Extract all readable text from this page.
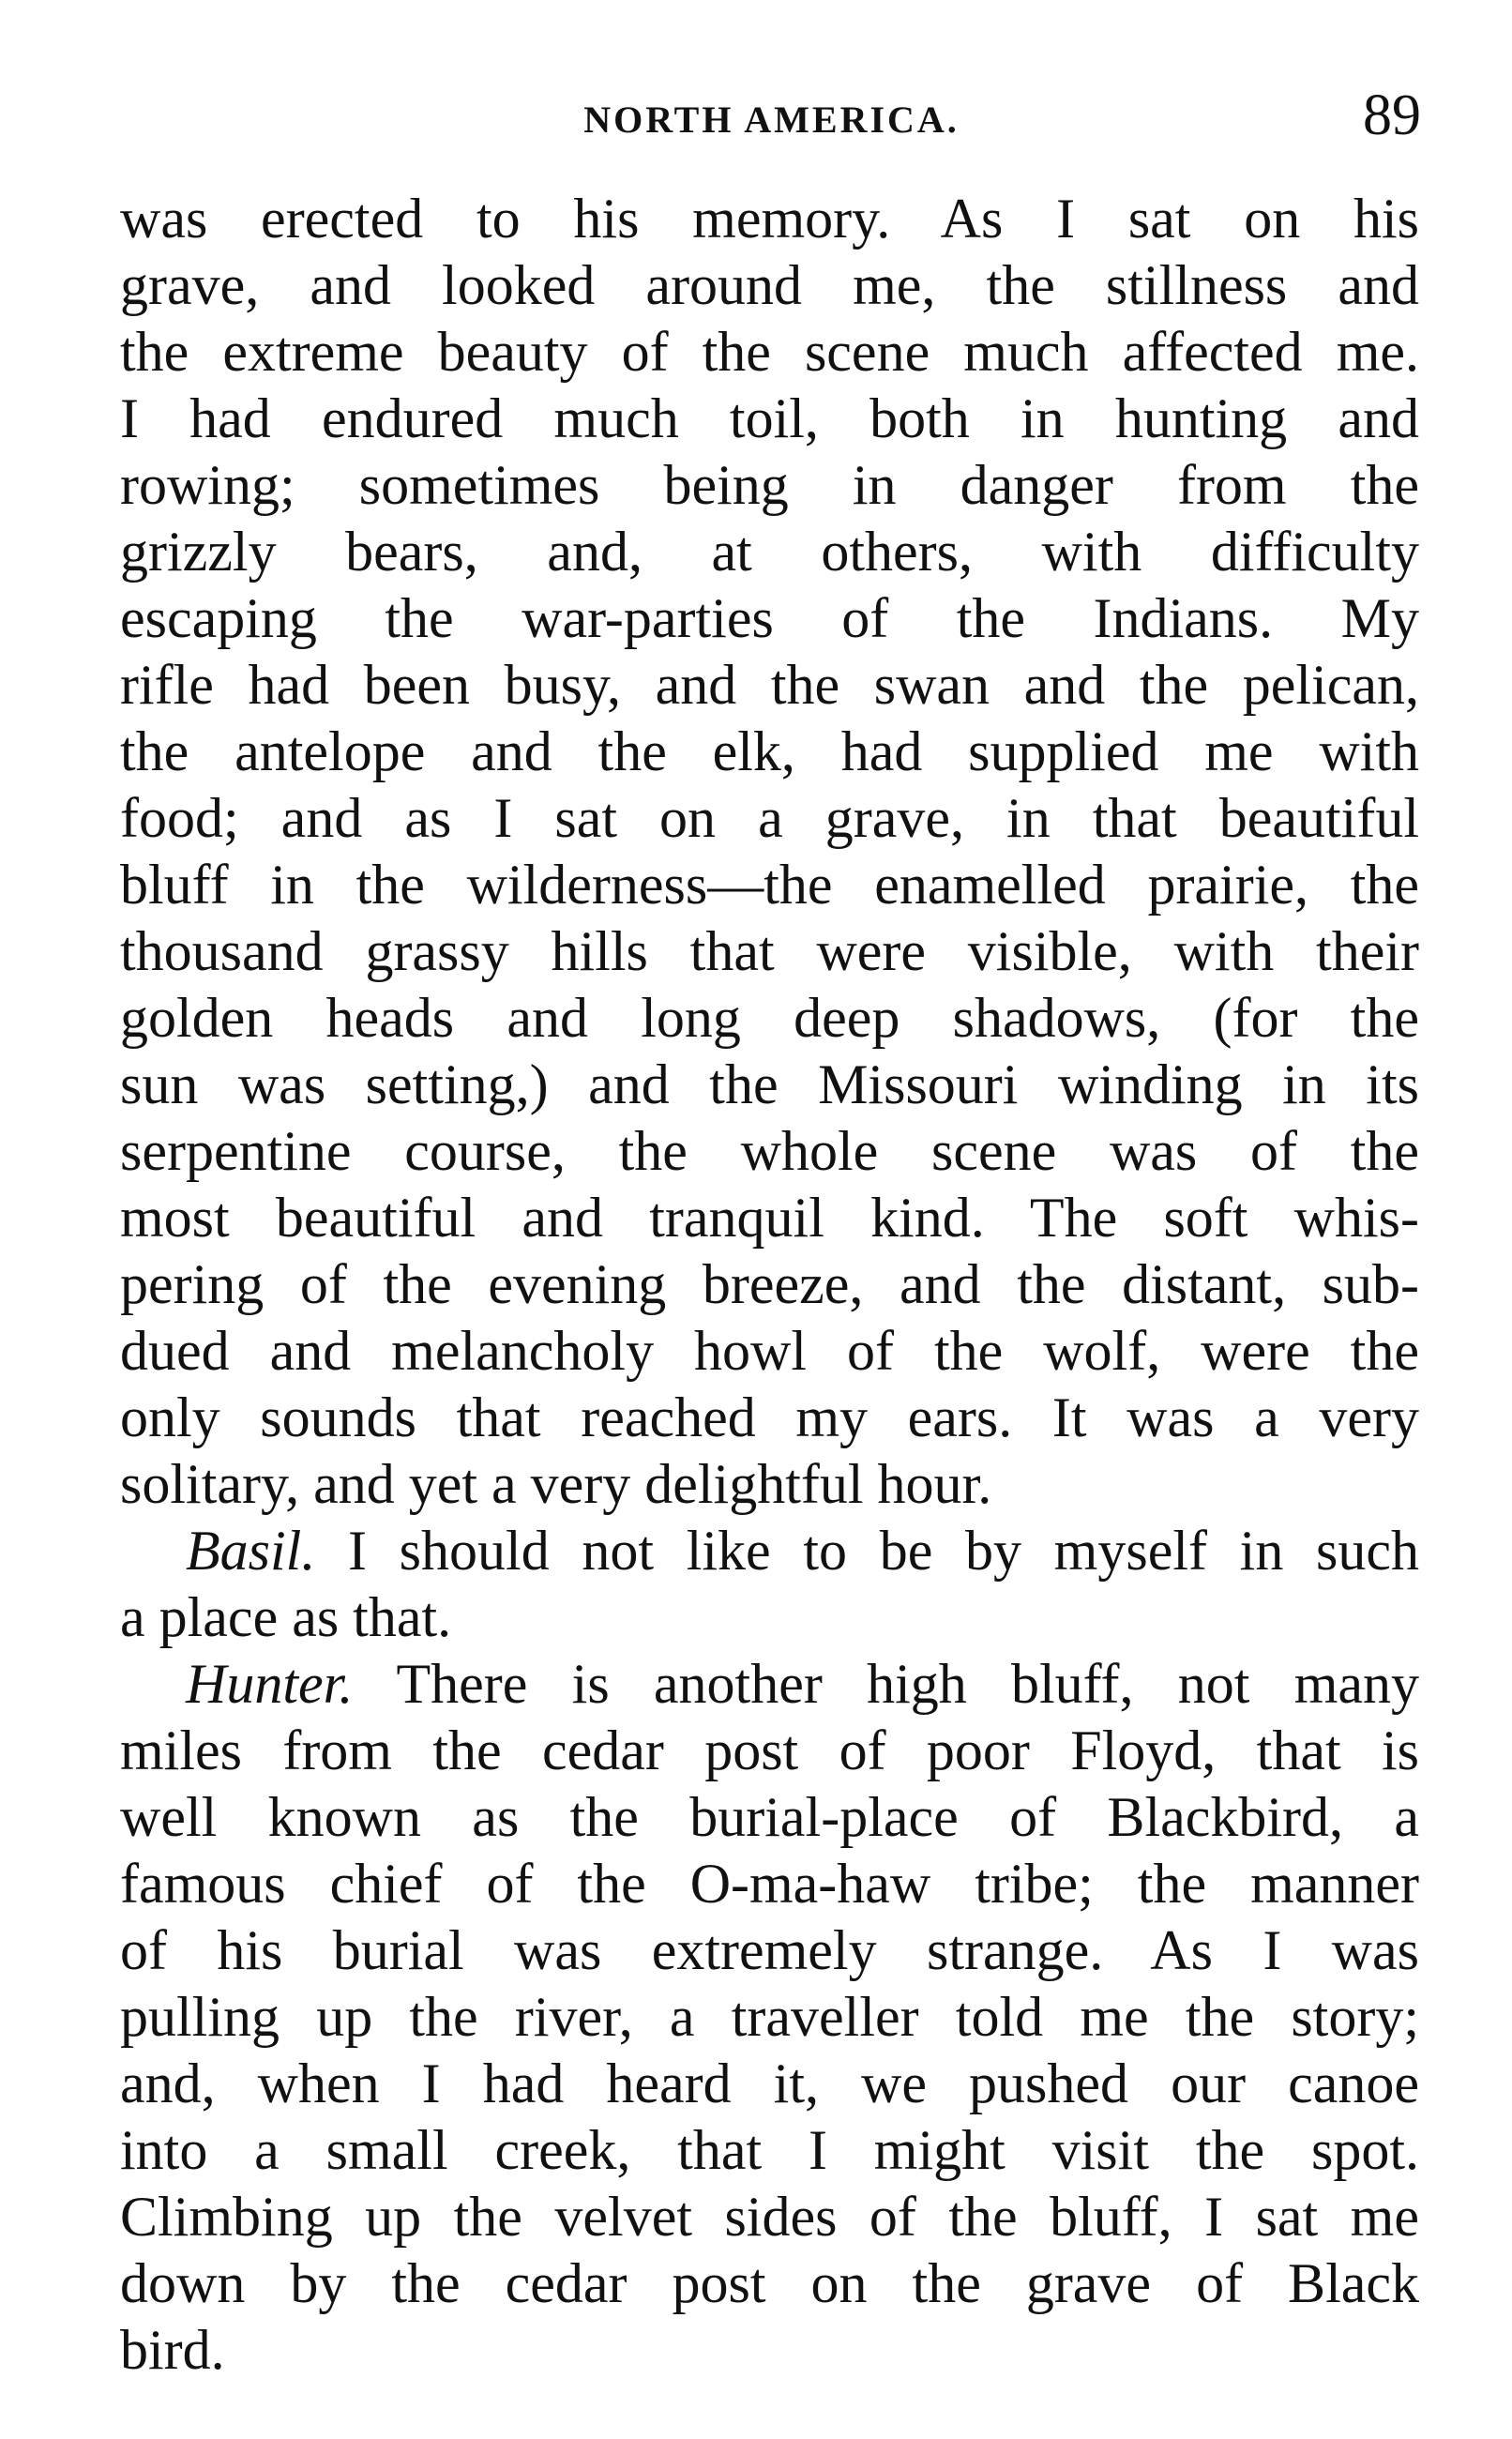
NORTH AMERICA.	89
was erected to his memory. As I sat on his
grave, and looked around me, the stillness and
the extreme beauty of the scene much affected me.
I had endured much toil, both in hunting and
rowing; sometimes being in danger from the
grizzly bears, and, at others, with difficulty
escaping the war-parties of the Indians. My
rifle had been busy, and the swan and the pelican,
the antelope and the elk, had supplied me with
food; and as I sat on a grave, in that beautiful
bluff in the wilderness—the enamelled prairie, the
thousand grassy hills that were visible, with their
golden heads and long deep shadows, (for the
sun was setting,) and the Missouri winding in its
serpentine course, the whole scene was of the
most beautiful and tranquil kind. The soft whis-
pering of the evening breeze, and the distant, sub-
dued and melancholy howl of the wolf, were the
only sounds that reached my ears. It was a very
solitary, and yet a very delightful hour.
Basil. I should not like to be by myself in such
a place as that.
Hunter. There is another high bluff, not many
miles from the cedar post of poor Floyd, that is
well known as the burial-place of Blackbird, a
famous chief of the O-ma-haw tribe; the manner
of his burial was extremely strange. As I was
pulling up the river, a traveller told me the story;
and, when I had heard it, we pushed our canoe
into a small creek, that I might visit the spot.
Climbing up the velvet sides of the bluff, I sat me
down by the cedar post on the grave of Black
bird.
